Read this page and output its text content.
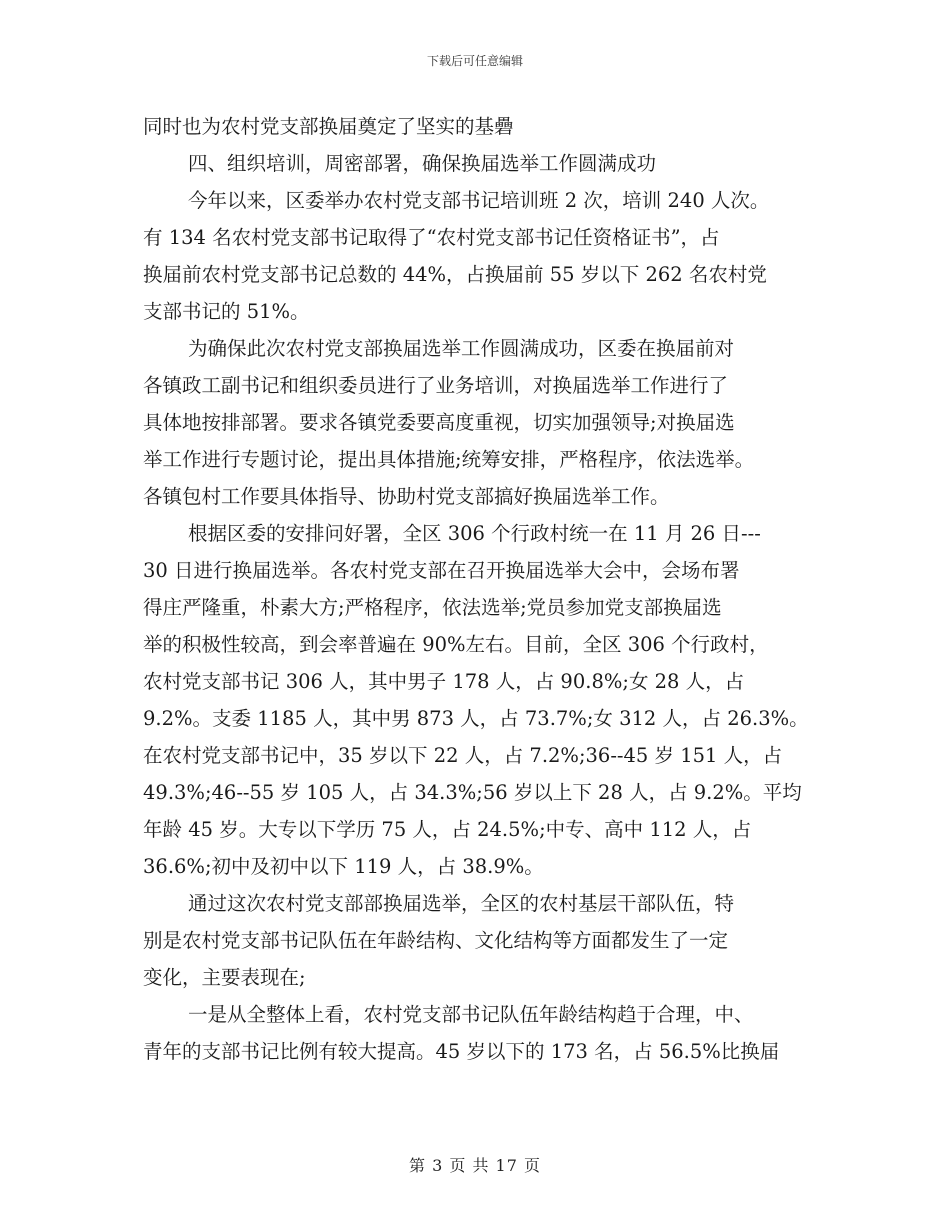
下载后可任意编辑
同时也为农村党支部换届奠定了坚实的基礨
四、组织培训，周密部署，确保换届选举工作圆满成功
今年以来，区委举办农村党支部书记培训班 2 次，培训 240 人次。
有 134 名农村党支部书记取得了“农村党支部书记任资格证书”，占
换届前农村党支部书记总数的 44%，占换届前 55 岁以下 262 名农村党
支部书记的 51%。
为确保此次农村党支部换届选举工作圆满成功，区委在换届前对
各镇政工副书记和组织委员进行了业务培训，对换届选举工作进行了
具体地按排部署。要求各镇党委要高度重视，切实加强领导;对换届选
举工作进行专题讨论，提出具体措施;统筹安排，严格程序，依法选举。
各镇包村工作要具体指导、协助村党支部搞好换届选举工作。
根据区委的安排问好署，全区 306 个行政村统一在 11 月 26 日---
30 日进行换届选举。各农村党支部在召开换届选举大会中，会场布署
得庄严隆重，朴素大方;严格程序，依法选举;党员参加党支部换届选
举的积极性较高，到会率普遍在 90%左右。目前，全区 306 个行政村，
农村党支部书记 306 人，其中男子 178 人，占 90.8%;女 28 人，占
9.2%。支委 1185 人，其中男 873 人，占 73.7%;女 312 人，占 26.3%。
在农村党支部书记中，35 岁以下 22 人，占 7.2%;36--45 岁 151 人，占
49.3%;46--55 岁 105 人，占 34.3%;56 岁以上下 28 人，占 9.2%。平均
年龄 45 岁。大专以下学历 75 人，占 24.5%;中专、高中 112 人，占
36.6%;初中及初中以下 119 人，占 38.9%。
通过这次农村党支部部换届选举，全区的农村基层干部队伍，特
别是农村党支部书记队伍在年龄结构、文化结构等方面都发生了一定
变化，主要表现在;
一是从全整体上看，农村党支部书记队伍年龄结构趋于合理，中、
青年的支部书记比例有较大提高。45 岁以下的 173 名，占 56.5%比换届
第 3 页 共 17 页
